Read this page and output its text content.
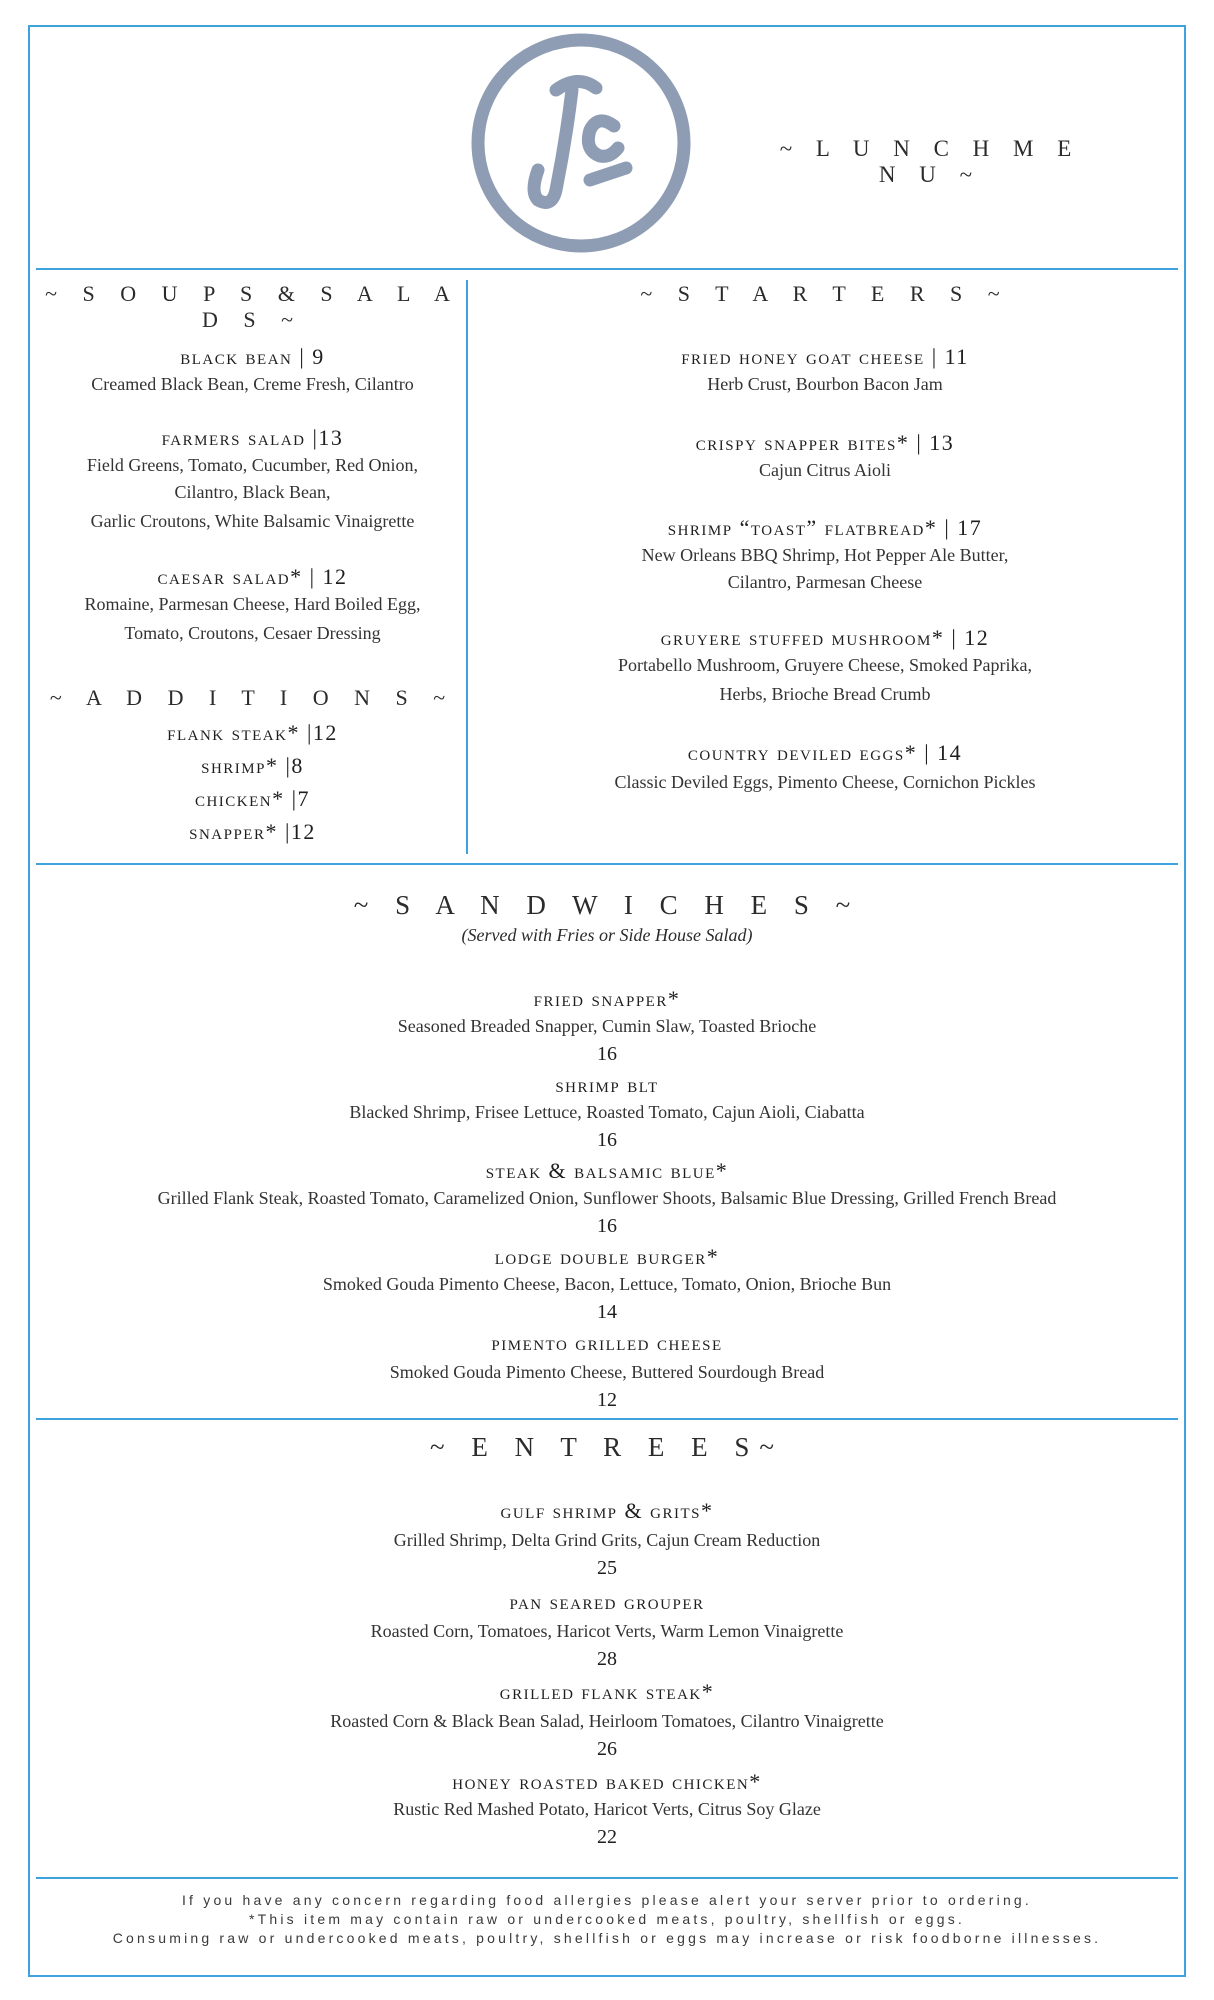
~ L U N C H M E N U ~
~ S O U P S & S A L A D S ~
black bean | 9
Creamed Black Bean, Creme Fresh, Cilantro
farmers salad |13
Field Greens, Tomato, Cucumber, Red Onion,
Cilantro, Black Bean,
Garlic Croutons, White Balsamic Vinaigrette
caesar salad* | 12
Romaine, Parmesan Cheese, Hard Boiled Egg,
Tomato, Croutons, Cesaer Dressing
~ A D D I T I O N S ~
flank steak* |12
shrimp* |8
chicken* |7
snapper* |12
~ S T A R T E R S ~
fried honey goat cheese | 11
Herb Crust, Bourbon Bacon Jam
crispy snapper bites* | 13
Cajun Citrus Aioli
shrimp “toast” flatbread* | 17
New Orleans BBQ Shrimp, Hot Pepper Ale Butter,
Cilantro, Parmesan Cheese
gruyere stuffed mushroom* | 12
Portabello Mushroom, Gruyere Cheese, Smoked Paprika,
Herbs, Brioche Bread Crumb
country deviled eggs* | 14
Classic Deviled Eggs, Pimento Cheese, Cornichon Pickles
~ S A N D W I C H E S ~
(Served with Fries or Side House Salad)
fried snapper*
Seasoned Breaded Snapper, Cumin Slaw, Toasted Brioche
16
shrimp blt
Blacked Shrimp, Frisee Lettuce, Roasted Tomato, Cajun Aioli, Ciabatta
16
steak & balsamic blue*
Grilled Flank Steak, Roasted Tomato, Caramelized Onion, Sunflower Shoots, Balsamic Blue Dressing, Grilled French Bread
16
lodge double burger*
Smoked Gouda Pimento Cheese, Bacon, Lettuce, Tomato, Onion, Brioche Bun
14
pimento grilled cheese
Smoked Gouda Pimento Cheese, Buttered Sourdough Bread
12
~ E N T R E E S~
gulf shrimp & grits*
Grilled Shrimp, Delta Grind Grits, Cajun Cream Reduction
25
pan seared grouper
Roasted Corn, Tomatoes, Haricot Verts, Warm Lemon Vinaigrette
28
grilled flank steak*
Roasted Corn & Black Bean Salad, Heirloom Tomatoes, Cilantro Vinaigrette
26
honey roasted baked chicken*
Rustic Red Mashed Potato, Haricot Verts, Citrus Soy Glaze
22
If you have any concern regarding food allergies please alert your server prior to ordering.
*This item may contain raw or undercooked meats, poultry, shellfish or eggs.
Consuming raw or undercooked meats, poultry, shellfish or eggs may increase or risk foodborne illnesses.
